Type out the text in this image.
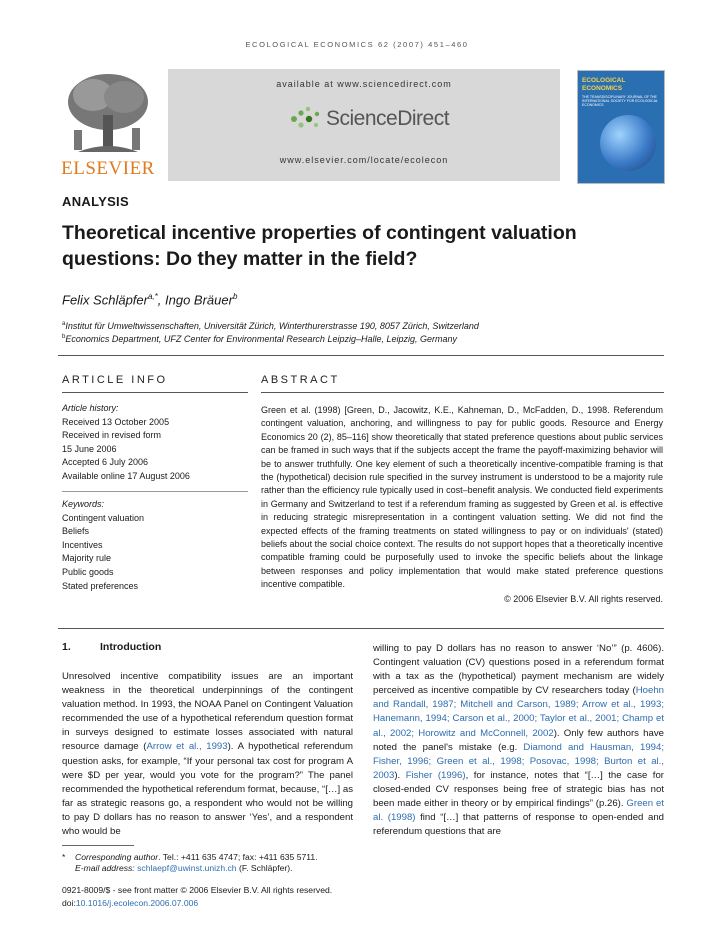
ECOLOGICAL ECONOMICS 62 (2007) 451–460
ELSEVIER
available at www.sciencedirect.com
ScienceDirect
www.elsevier.com/locate/ecolecon
ECOLOGICAL ECONOMICS
THE TRANSDISCIPLINARY JOURNAL OF THE INTERNATIONAL SOCIETY FOR ECOLOGICAL ECONOMICS
ANALYSIS
Theoretical incentive properties of contingent valuation
questions: Do they matter in the field?
Felix Schläpfer$^{a,*}$, Ingo Bräuer$^b$
$^a$Institut für Umweltwissenschaften, Universität Zürich, Winterthurerstrasse 190, 8057 Zürich, Switzerland
$^b$Economics Department, UFZ Center for Environmental Research Leipzig–Halle, Leipzig, Germany
ARTICLE INFO	ABSTRACT
Article history:
Received 13 October 2005
Received in revised form
15 June 2006
Accepted 6 July 2006
Available online 17 August 2006
Keywords:
Contingent valuation
Beliefs
Incentives
Majority rule
Public goods
Stated preferences
Green et al. (1998) [Green, D., Jacowitz, K.E., Kahneman, D., McFadden, D., 1998. Referendum contingent valuation, anchoring, and willingness to pay for public goods. Resource and Energy Economics 20 (2), 85–116] show theoretically that stated preference questions about public services can be framed in such ways that if the subjects accept the frame the payoff-maximizing behavior will be to answer truthfully. One key element of such a theoretically incentive-compatible framing is that the (hypothetical) decision rule specified in the survey instrument is understood to be a majority rule rather than the efficiency rule typically used in cost–benefit analysis. We conducted field experiments in Germany and Switzerland to test if a referendum framing as suggested by Green et al. is effective in reducing strategic misrepresentation in a contingent valuation setting. We did not find the expected effects of the framing treatments on stated willingness to pay or on individuals' (stated) beliefs about the social choice context. The results do not support hopes that a theoretically incentive compatible framing could be purposefully used to invoke the specific beliefs about the linkage between responses and policy implementation that would make stated preference questions incentive compatible.
© 2006 Elsevier B.V. All rights reserved.
1.	Introduction

Unresolved incentive compatibility issues are an important weakness in the theoretical underpinnings of the contingent valuation method. In 1993, the NOAA Panel on Contingent Valuation recommended the use of a hypothetical referendum question format in surveys designed to estimate losses associated with natural resource damage (Arrow et al., 1993). A hypothetical referendum question asks, for example, “If your personal tax cost for program A were $D per year, would you vote for the program?” The panel recommended the hypothetical referendum format, because, “[…] as far as strategic reasons go, a respondent who would not be willing to pay D dollars has no reason to answer ‘Yes’, and a respondent who would be

willing to pay D dollars has no reason to answer ‘No’” (p. 4606). Contingent valuation (CV) questions posed in a referendum format with a tax as the (hypothetical) payment mechanism are widely perceived as incentive compatible by CV researchers today (Hoehn and Randall, 1987; Mitchell and Carson, 1989; Arrow et al., 1993; Hanemann, 1994; Carson et al., 2000; Taylor et al., 2001; Champ et al., 2002; Horowitz and McConnell, 2002). Only few authors have noted the panel's mistake (e.g. Diamond and Hausman, 1994; Fisher, 1996; Green et al., 1998; Posovac, 1998; Burton et al., 2003). Fisher (1996), for instance, notes that “[…] the case for closed-ended CV responses being free of strategic bias has not been made either in theory or by empirical findings” (p.26). Green et al. (1998) find “[…] that patterns of response to open-ended and referendum questions that are

* Corresponding author. Tel.: +411 635 4747; fax: +411 635 5711.
E-mail address: schlaepf@uwinst.unizh.ch (F. Schläpfer).
0921-8009/$ - see front matter © 2006 Elsevier B.V. All rights reserved.
doi:10.1016/j.ecolecon.2006.07.006
